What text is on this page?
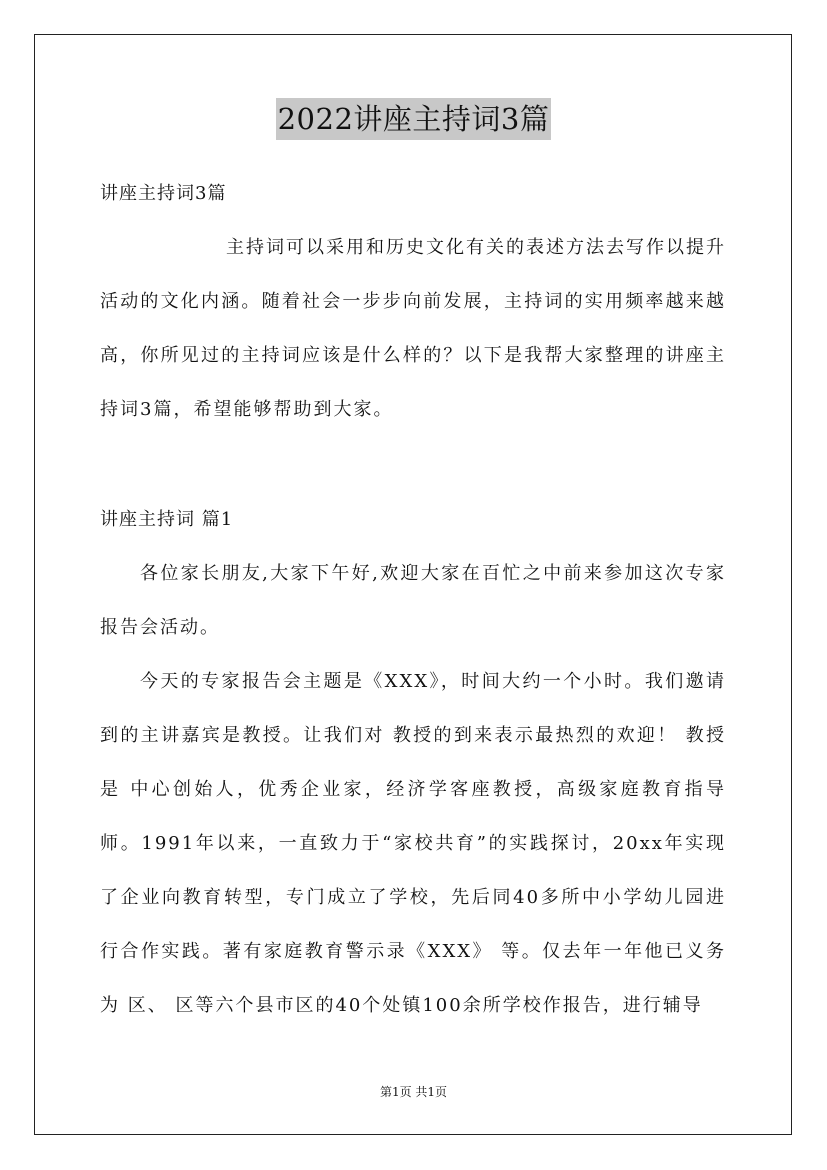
2022讲座主持词3篇
讲座主持词3篇
主持词可以采用和历史文化有关的表述方法去写作以提升活动的文化内涵。随着社会一步步向前发展，主持词的实用频率越来越高，你所见过的主持词应该是什么样的？以下是我帮大家整理的讲座主持词3篇，希望能够帮助到大家。
讲座主持词 篇1
各位家长朋友,大家下午好,欢迎大家在百忙之中前来参加这次专家报告会活动。
今天的专家报告会主题是《XXX》，时间大约一个小时。我们邀请到的主讲嘉宾是教授。让我们对 教授的到来表示最热烈的欢迎！ 教授是 中心创始人，优秀企业家，经济学客座教授，高级家庭教育指导师。1991年以来，一直致力于“家校共育”的实践探讨，20xx年实现了企业向教育转型，专门成立了学校，先后同40多所中小学幼儿园进行合作实践。著有家庭教育警示录《XXX》 等。仅去年一年他已义务为 区、 区等六个县市区的40个处镇100余所学校作报告，进行辅导
第1页 共1页
